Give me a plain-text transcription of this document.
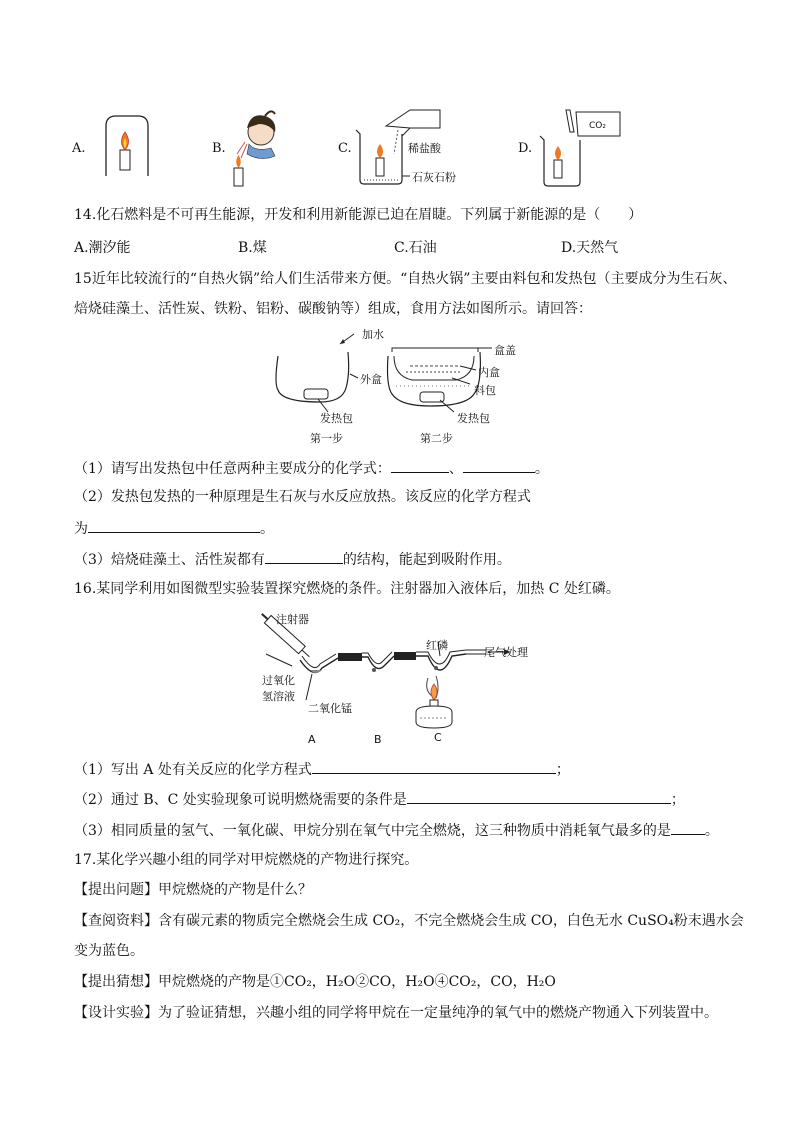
A.	B.	C.	稀盐酸
石灰石粉
D.
CO₂
14.化石燃料是不可再生能源，开发和利用新能源已迫在眉睫。下列属于新能源的是（　　）
A.潮汐能	B.煤	C.石油	D.天然气
15近年比较流行的“自热火锅”给人们生活带来方便。“自热火锅”主要由料包和发热包（主要成分为生石灰、
焙烧硅藻土、活性炭、铁粉、铝粉、碳酸钠等）组成，食用方法如图所示。请回答：
加水
外盒
发热包
第一步
盒盖
内盒
料包
发热包
第二步
（1）请写出发热包中任意两种主要成分的化学式：	、	。
（2）发热包发热的一种原理是生石灰与水反应放热。该反应的化学方程式
为	。
（3）焙烧硅藻土、活性炭都有	的结构，能起到吸附作用。
16.某同学利用如图微型实验装置探究燃烧的条件。注射器加入液体后，加热 C 处红磷。
注射器
红磷
尾气处理
过氧化
氢溶液
二氧化锰
A	B	C
（1）写出 A 处有关反应的化学方程式	；
（2）通过 B、C 处实验现象可说明燃烧需要的条件是	；
（3）相同质量的氢气、一氧化碳、甲烷分别在氧气中完全燃烧，这三种物质中消耗氧气最多的是 。
17.某化学兴趣小组的同学对甲烷燃烧的产物进行探究。
【提出问题】甲烷燃烧的产物是什么？
【查阅资料】含有碳元素的物质完全燃烧会生成 CO₂，不完全燃烧会生成 CO，白色无水 CuSO₄粉末遇水会
变为蓝色。
【提出猜想】甲烷燃烧的产物是①CO₂，H₂O②CO，H₂O④CO₂，CO，H₂O
【设计实验】为了验证猜想，兴趣小组的同学将甲烷在一定量纯净的氧气中的燃烧产物通入下列装置中。
